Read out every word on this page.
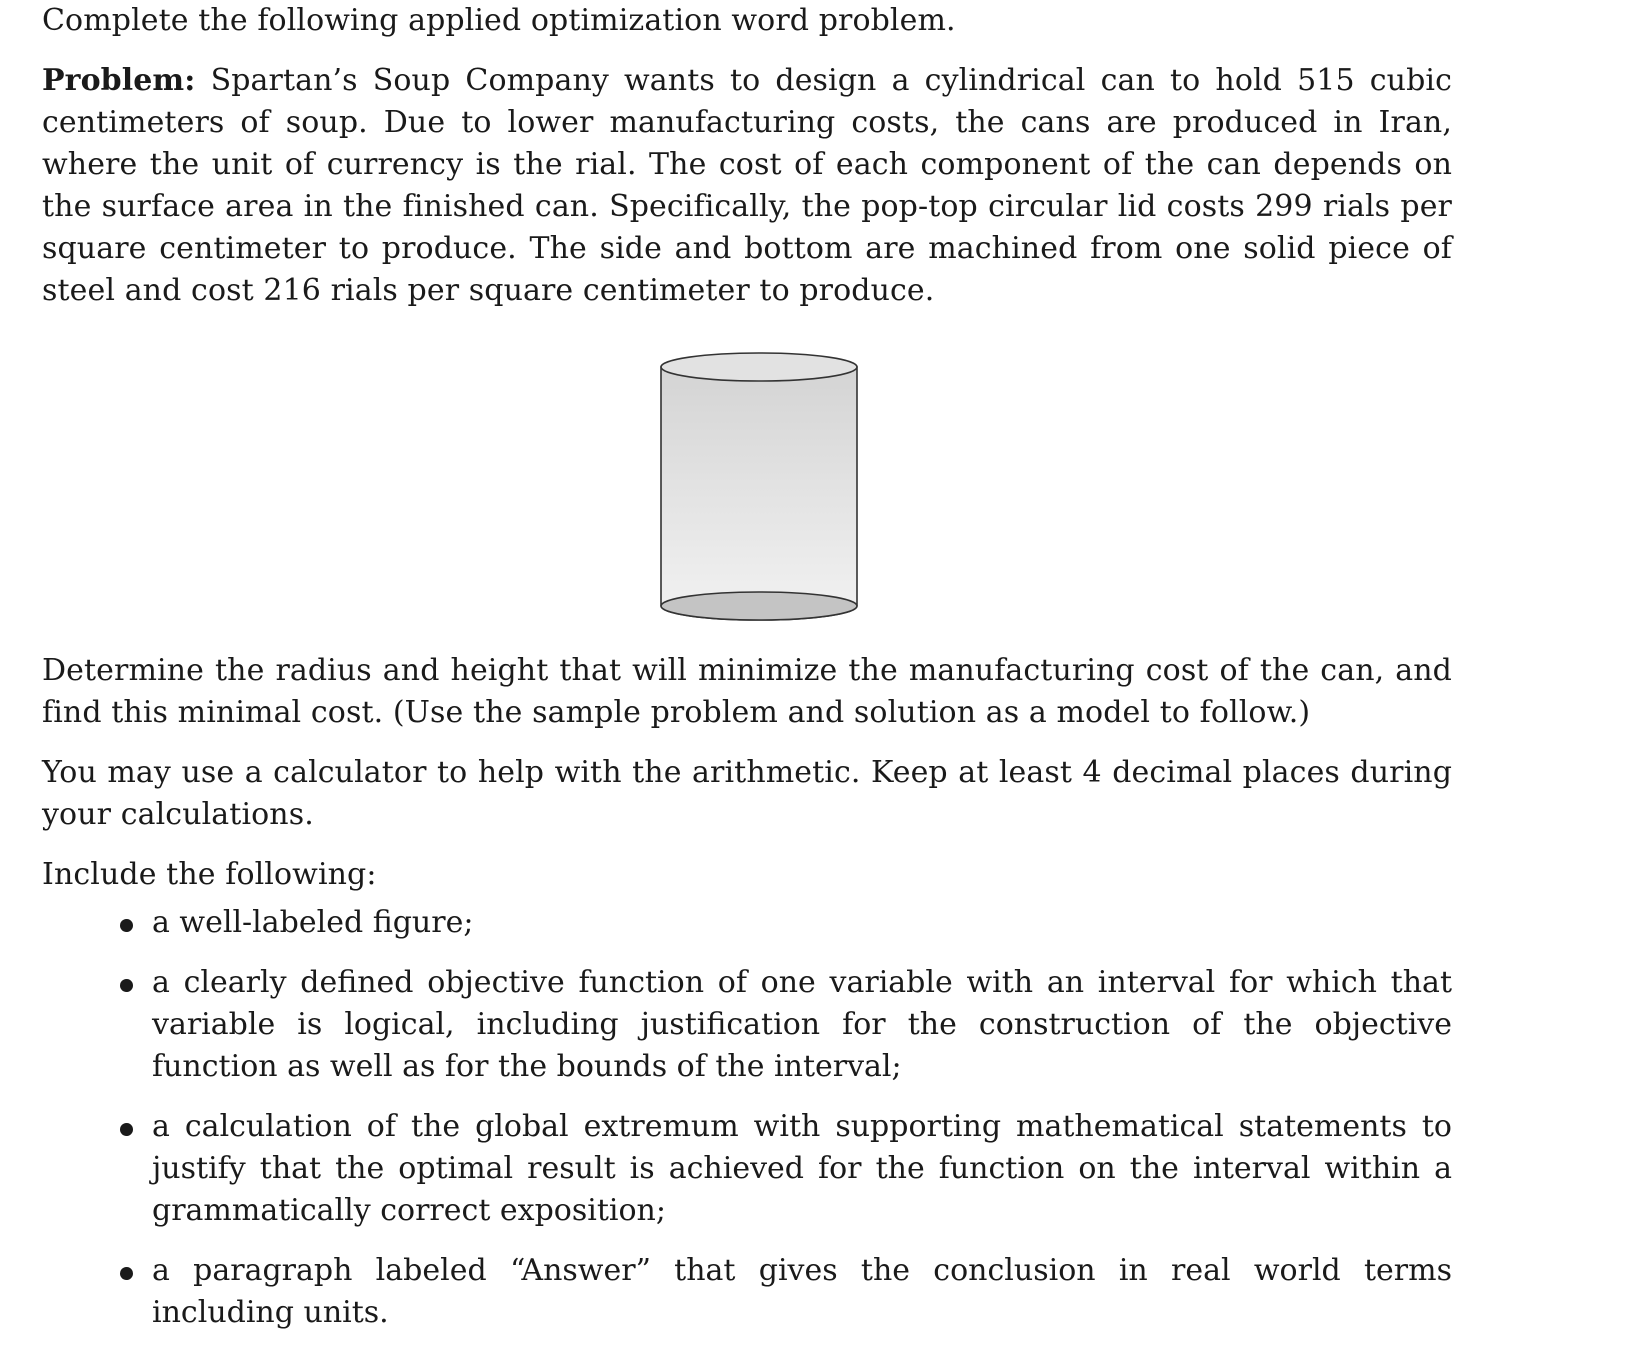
Complete the following applied optimization word problem.

Problem: Spartan’s Soup Company wants to design a cylindrical can to hold 515 cubic centimeters of soup. Due to lower manufacturing costs, the cans are produced in Iran, where the unit of currency is the rial. The cost of each component of the can depends on the surface area in the finished can. Specifically, the pop-top circular lid costs 299 rials per square centimeter to produce. The side and bottom are machined from one solid piece of steel and cost 216 rials per square centimeter to produce.

Determine the radius and height that will minimize the manufacturing cost of the can, and find this minimal cost. (Use the sample problem and solution as a model to follow.)

You may use a calculator to help with the arithmetic. Keep at least 4 decimal places during your calculations.

Include the following:

a well-labeled figure;
a clearly defined objective function of one variable with an interval for which that variable is logical, including justification for the construction of the objective function as well as for the bounds of the interval;
a calculation of the global extremum with supporting mathematical statements to justify that the optimal result is achieved for the function on the interval within a grammatically correct exposition;
a paragraph labeled “Answer” that gives the conclusion in real world terms including units.
